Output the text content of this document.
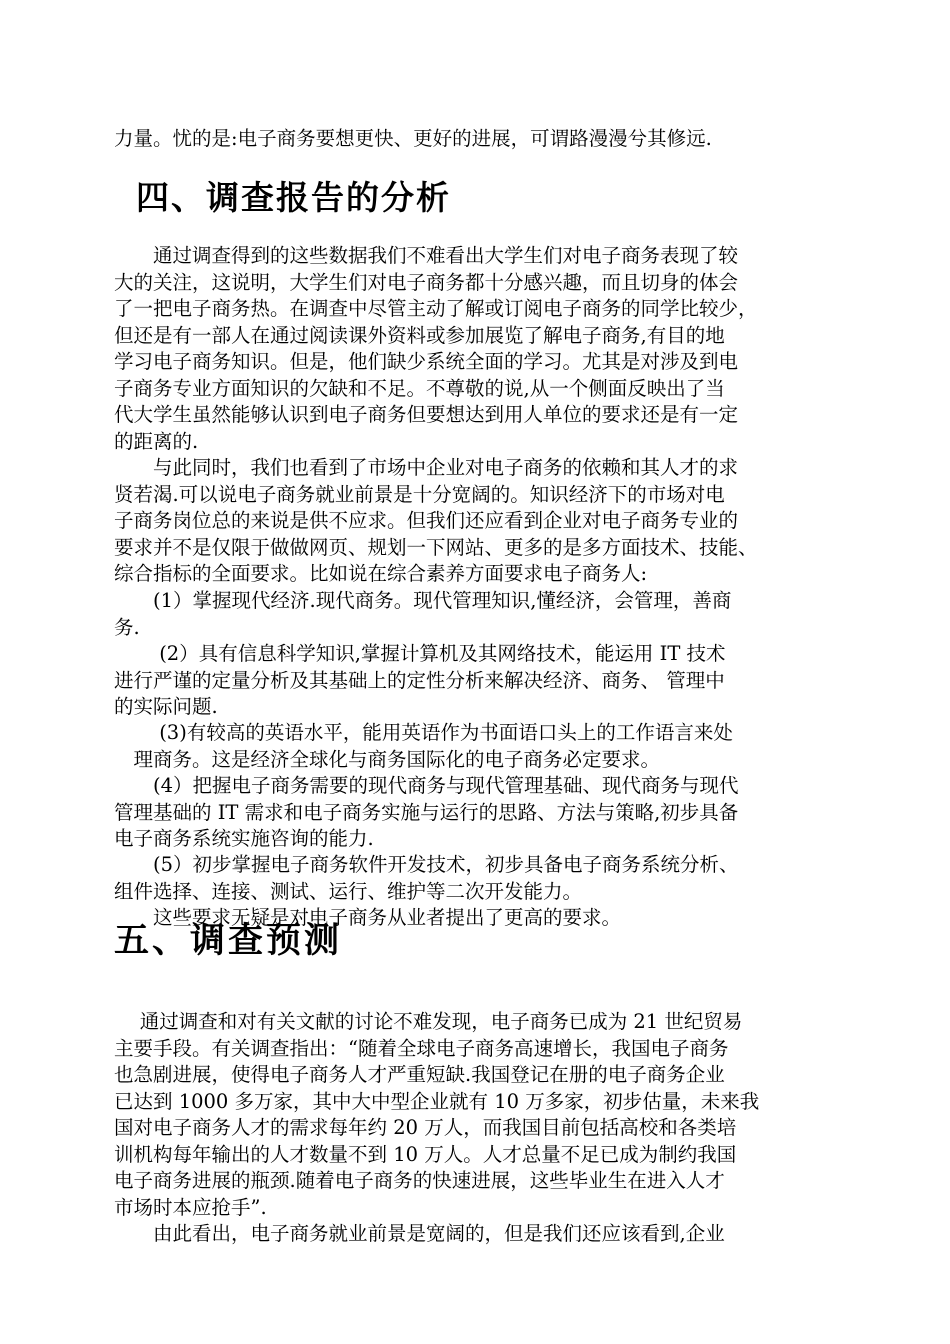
力量。忧的是:电子商务要想更快、更好的进展，可谓路漫漫兮其修远.
四、调查报告的分析
　　通过调查得到的这些数据我们不难看出大学生们对电子商务表现了较
大的关注，这说明，大学生们对电子商务都十分感兴趣，而且切身的体会
了一把电子商务热。在调查中尽管主动了解或订阅电子商务的同学比较少，
但还是有一部人在通过阅读课外资料或参加展览了解电子商务,有目的地
学习电子商务知识。但是，他们缺少系统全面的学习。尤其是对涉及到电
子商务专业方面知识的欠缺和不足。不尊敬的说,从一个侧面反映出了当
代大学生虽然能够认识到电子商务但要想达到用人单位的要求还是有一定
的距离的.
　　与此同时，我们也看到了市场中企业对电子商务的依赖和其人才的求
贤若渴.可以说电子商务就业前景是十分宽阔的。知识经济下的市场对电
子商务岗位总的来说是供不应求。但我们还应看到企业对电子商务专业的
要求并不是仅限于做做网页、规划一下网站、更多的是多方面技术、技能、
综合指标的全面要求。比如说在综合素养方面要求电子商务人:
　　(1）掌握现代经济.现代商务。现代管理知识,懂经济，会管理，善商
务.
　　 (2）具有信息科学知识,掌握计算机及其网络技术，能运用 IT 技术
进行严谨的定量分析及其基础上的定性分析来解决经济、商务、 管理中
的实际问题.
　　 (3)有较高的英语水平，能用英语作为书面语口头上的工作语言来处
　理商务。这是经济全球化与商务国际化的电子商务必定要求。
　　(4）把握电子商务需要的现代商务与现代管理基础、现代商务与现代
管理基础的 IT 需求和电子商务实施与运行的思路、方法与策略,初步具备
电子商务系统实施咨询的能力.
　　(5）初步掌握电子商务软件开发技术，初步具备电子商务系统分析、
组件选择、连接、测试、运行、维护等二次开发能力。
　　这些要求无疑是对电子商务从业者提出了更高的要求。
五、调查预测
　 通过调查和对有关文献的讨论不难发现，电子商务已成为 21 世纪贸易
主要手段。有关调查指出：“随着全球电子商务高速增长，我国电子商务
也急剧进展，使得电子商务人才严重短缺.我国登记在册的电子商务企业
已达到 1000 多万家，其中大中型企业就有 10 万多家，初步估量，未来我
国对电子商务人才的需求每年约 20 万人，而我国目前包括高校和各类培
训机构每年输出的人才数量不到 10 万人。人才总量不足已成为制约我国
电子商务进展的瓶颈.随着电子商务的快速进展，这些毕业生在进入人才
市场时本应抢手”.
　　由此看出，电子商务就业前景是宽阔的，但是我们还应该看到,企业
